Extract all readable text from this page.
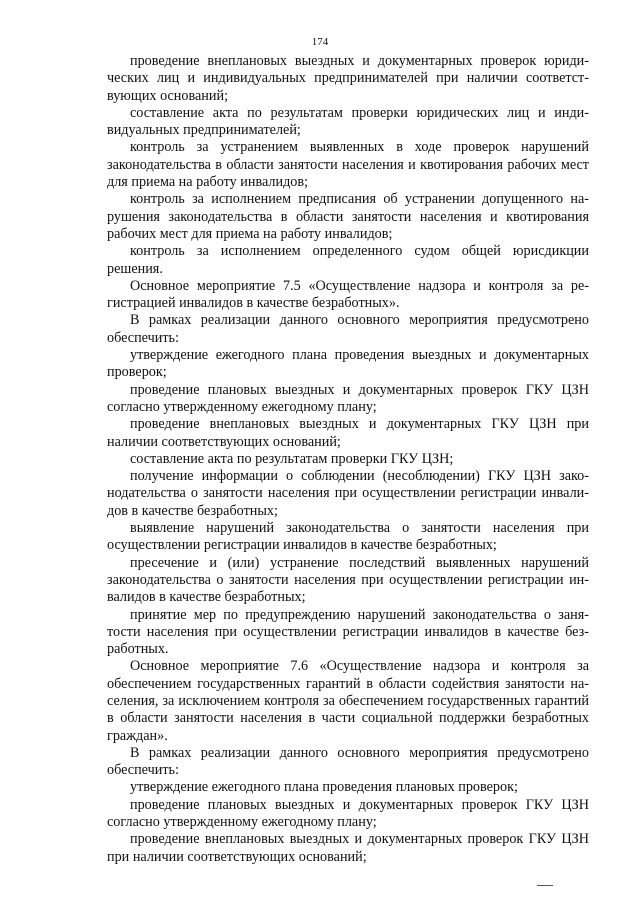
174

проведение внеплановых выездных и документарных проверок юридических лиц и индивидуальных предпринимателей при наличии соответствующих оснований;

составление акта по результатам проверки юридических лиц и индивидуальных предпринимателей;

контроль за устранением выявленных в ходе проверок нарушений законодательства в области занятости населения и квотирования рабочих мест для приема на работу инвалидов;

контроль за исполнением предписания об устранении допущенного нарушения законодательства в области занятости населения и квотирования рабочих мест для приема на работу инвалидов;

контроль за исполнением определенного судом общей юрисдикции решения.

Основное мероприятие 7.5 «Осуществление надзора и контроля за регистрацией инвалидов в качестве безработных».

В рамках реализации данного основного мероприятия предусмотрено обеспечить:

утверждение ежегодного плана проведения выездных и документарных проверок;

проведение плановых выездных и документарных проверок ГКУ ЦЗН согласно утвержденному ежегодному плану;

проведение внеплановых выездных и документарных ГКУ ЦЗН при наличии соответствующих оснований;

составление акта по результатам проверки ГКУ ЦЗН;

получение информации о соблюдении (несоблюдении) ГКУ ЦЗН законодательства о занятости населения при осуществлении регистрации инвалидов в качестве безработных;

выявление нарушений законодательства о занятости населения при осуществлении регистрации инвалидов в качестве безработных;

пресечение и (или) устранение последствий выявленных нарушений законодательства о занятости населения при осуществлении регистрации инвалидов в качестве безработных;

принятие мер по предупреждению нарушений законодательства о занятости населения при осуществлении регистрации инвалидов в качестве безработных.

Основное мероприятие 7.6 «Осуществление надзора и контроля за обеспечением государственных гарантий в области содействия занятости населения, за исключением контроля за обеспечением государственных гарантий в области занятости населения в части социальной поддержки безработных граждан».

В рамках реализации данного основного мероприятия предусмотрено обеспечить:

утверждение ежегодного плана проведения плановых проверок;

проведение плановых выездных и документарных проверок ГКУ ЦЗН согласно утвержденному ежегодному плану;

проведение внеплановых выездных и документарных проверок ГКУ ЦЗН при наличии соответствующих оснований;
